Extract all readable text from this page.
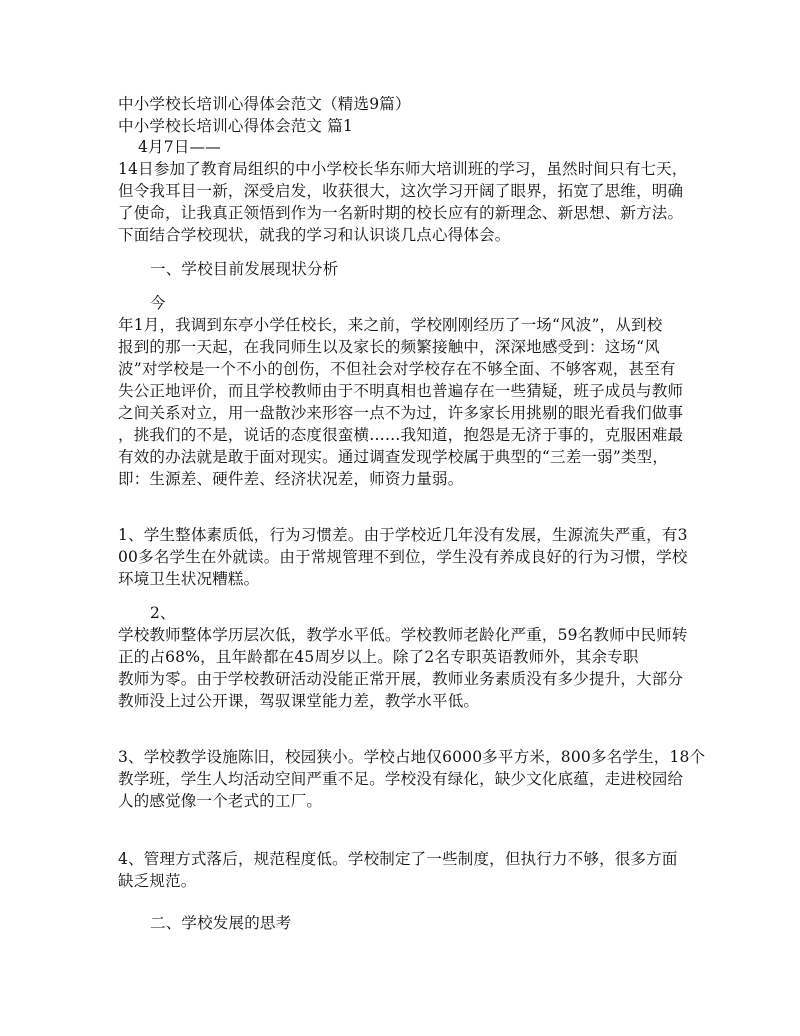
中小学校长培训心得体会范文（精选9篇）
中小学校长培训心得体会范文 篇1
4月7日——
14日参加了教育局组织的中小学校长华东师大培训班的学习，虽然时间只有七天，
但令我耳目一新，深受启发，收获很大，这次学习开阔了眼界，拓宽了思维，明确
了使命，让我真正领悟到作为一名新时期的校长应有的新理念、新思想、新方法。
下面结合学校现状，就我的学习和认识谈几点心得体会。
一、学校目前发展现状分析
今
年1月，我调到东亭小学任校长，来之前，学校刚刚经历了一场“风波”，从到校
报到的那一天起，在我同师生以及家长的频繁接触中，深深地感受到：这场“风
波”对学校是一个不小的创伤，不但社会对学校存在不够全面、不够客观，甚至有
失公正地评价，而且学校教师由于不明真相也普遍存在一些猜疑，班子成员与教师
之间关系对立，用一盘散沙来形容一点不为过，许多家长用挑剔的眼光看我们做事
，挑我们的不是，说话的态度很蛮横……我知道，抱怨是无济于事的，克服困难最
有效的办法就是敢于面对现实。通过调查发现学校属于典型的“三差一弱”类型，
即：生源差、硬件差、经济状况差，师资力量弱。
1、学生整体素质低，行为习惯差。由于学校近几年没有发展，生源流失严重，有3
00多名学生在外就读。由于常规管理不到位，学生没有养成良好的行为习惯，学校
环境卫生状况糟糕。
2、
学校教师整体学历层次低，教学水平低。学校教师老龄化严重，59名教师中民师转
正的占68%，且年龄都在45周岁以上。除了2名专职英语教师外，其余专职
教师为零。由于学校教研活动没能正常开展，教师业务素质没有多少提升，大部分
教师没上过公开课，驾驭课堂能力差，教学水平低。
3、学校教学设施陈旧，校园狭小。学校占地仅6000多平方米，800多名学生，18个
教学班，学生人均活动空间严重不足。学校没有绿化，缺少文化底蕴，走进校园给
人的感觉像一个老式的工厂。
4、管理方式落后，规范程度低。学校制定了一些制度，但执行力不够，很多方面
缺乏规范。
二、学校发展的思考
